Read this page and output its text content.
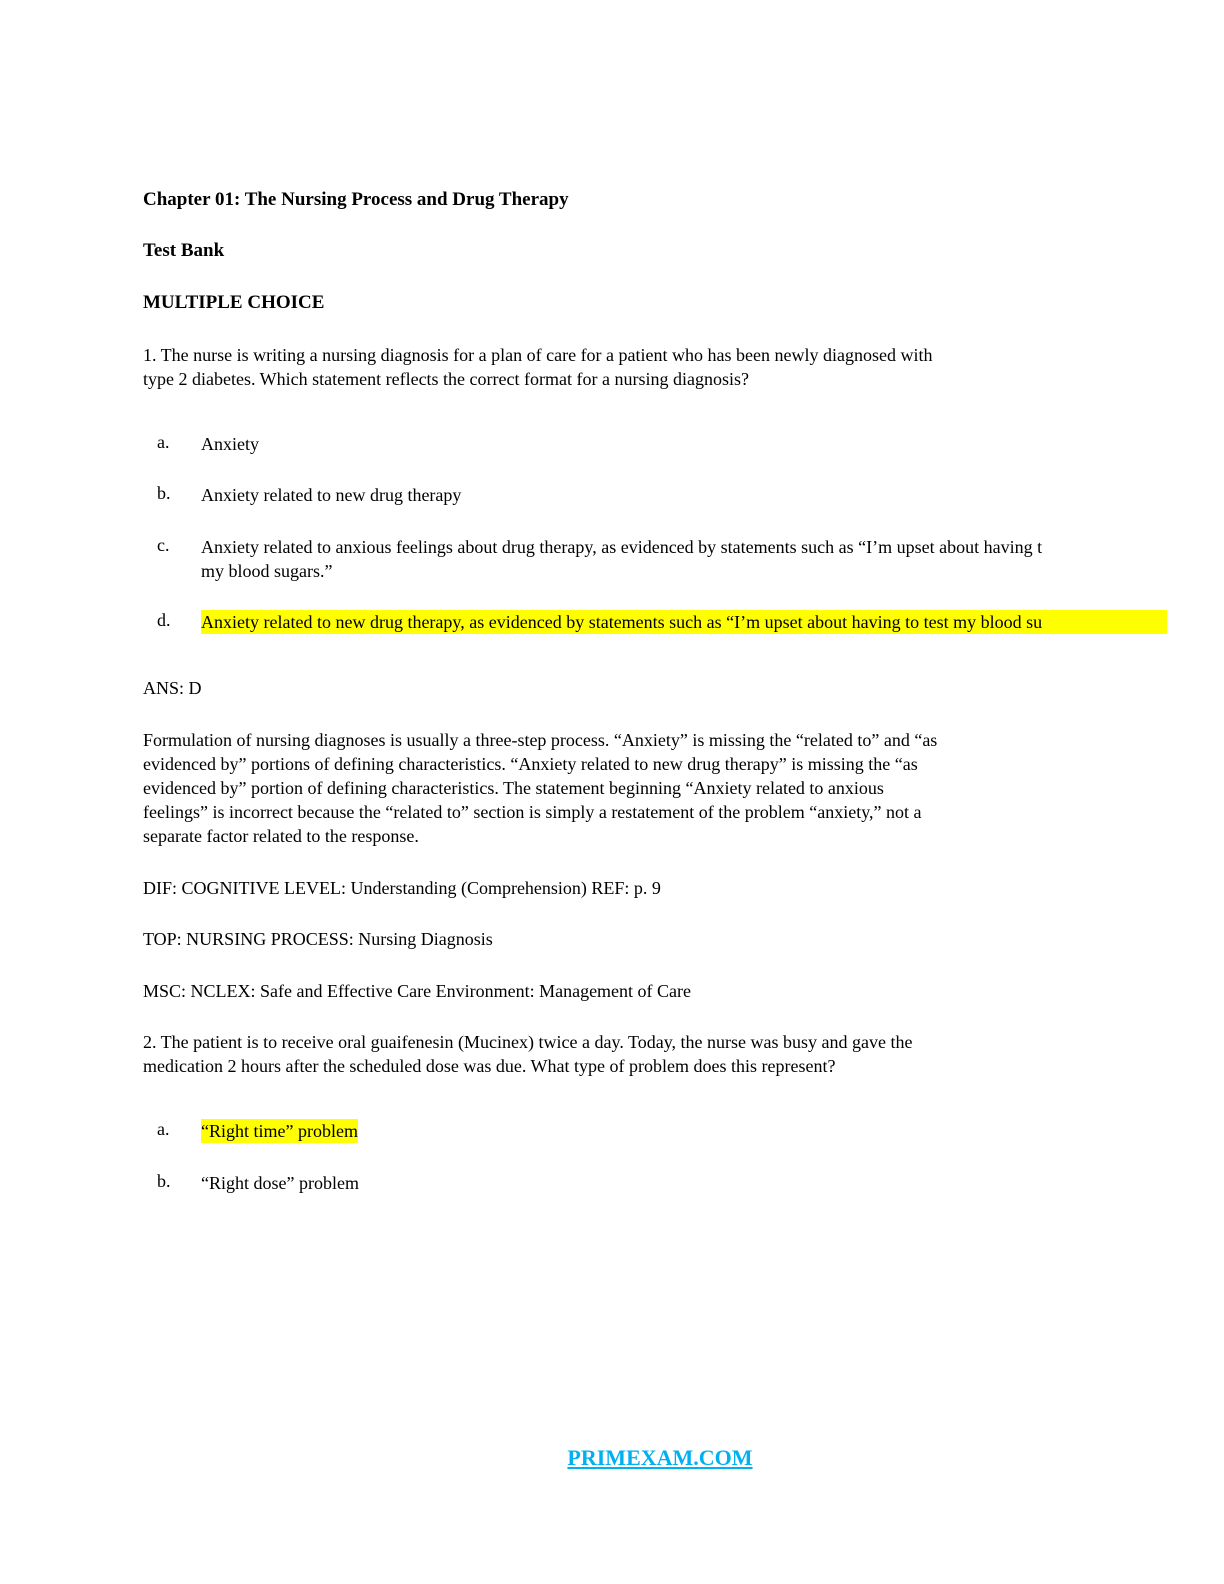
Chapter 01: The Nursing Process and Drug Therapy
Test Bank
MULTIPLE CHOICE
1. The nurse is writing a nursing diagnosis for a plan of care for a patient who has been newly diagnosed with
type 2 diabetes. Which statement reflects the correct format for a nursing diagnosis?
a. Anxiety
b. Anxiety related to new drug therapy
c. Anxiety related to anxious feelings about drug therapy, as evidenced by statements such as “I’m upset about having t
my blood sugars.”
d. Anxiety related to new drug therapy, as evidenced by statements such as “I’m upset about having to test my blood su
ANS: D
Formulation of nursing diagnoses is usually a three-step process. “Anxiety” is missing the “related to” and “as
evidenced by” portions of defining characteristics. “Anxiety related to new drug therapy” is missing the “as
evidenced by” portion of defining characteristics. The statement beginning “Anxiety related to anxious
feelings” is incorrect because the “related to” section is simply a restatement of the problem “anxiety,” not a
separate factor related to the response.
DIF: COGNITIVE LEVEL: Understanding (Comprehension) REF: p. 9
TOP: NURSING PROCESS: Nursing Diagnosis
MSC: NCLEX: Safe and Effective Care Environment: Management of Care
2. The patient is to receive oral guaifenesin (Mucinex) twice a day. Today, the nurse was busy and gave the
medication 2 hours after the scheduled dose was due. What type of problem does this represent?
a. “Right time” problem
b. “Right dose” problem
PRIMEXAM.COM
